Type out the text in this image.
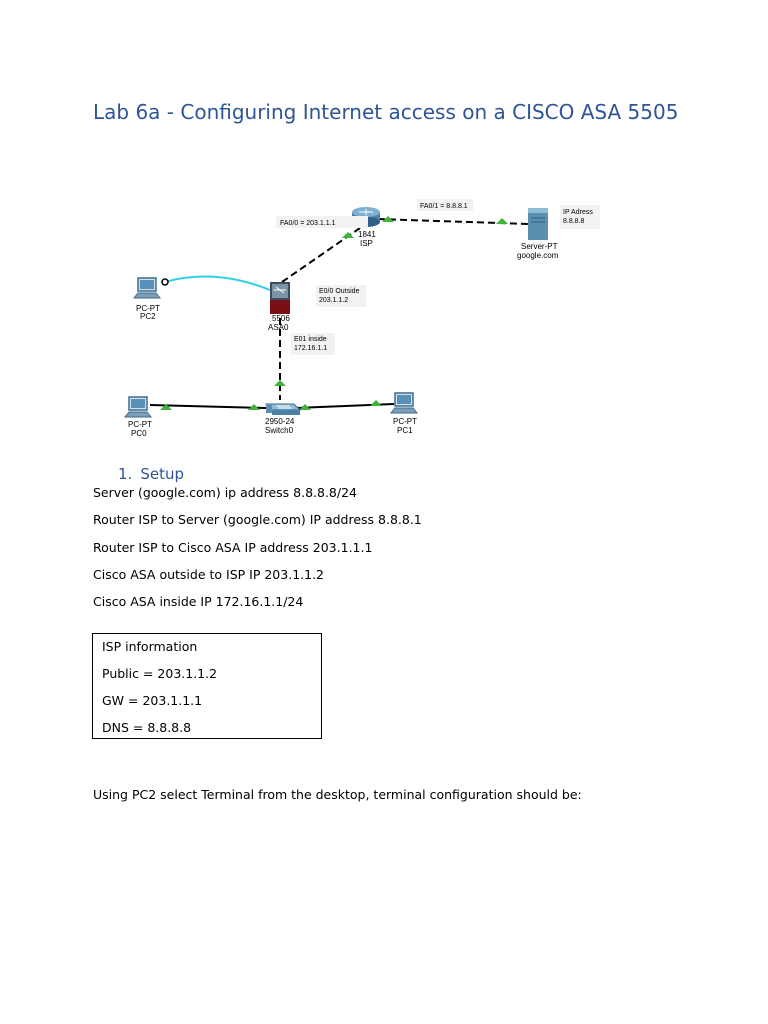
Lab 6a - Configuring Internet access on a CISCO ASA 5505
1841
ISP
FA0/0 = 203.1.1.1
FA0/1 = 8.8.8.1
Server-PT
google.com
IP Adress
8.8.8.8
5506
ASA0
E0/0 Outside
203.1.1.2
E01 inside
172.16.1.1
PC-PT
PC2
PC-PT
PC0
PC-PT
PC1
2950-24
Switch0
1. Setup
Server (google.com) ip address 8.8.8.8/24
Router ISP to Server (google.com) IP address 8.8.8.1
Router ISP to Cisco ASA IP address 203.1.1.1
Cisco ASA outside to ISP IP 203.1.1.2
Cisco ASA inside IP 172.16.1.1/24
ISP information
Public = 203.1.1.2
GW = 203.1.1.1
DNS = 8.8.8.8
Using PC2 select Terminal from the desktop, terminal configuration should be:
